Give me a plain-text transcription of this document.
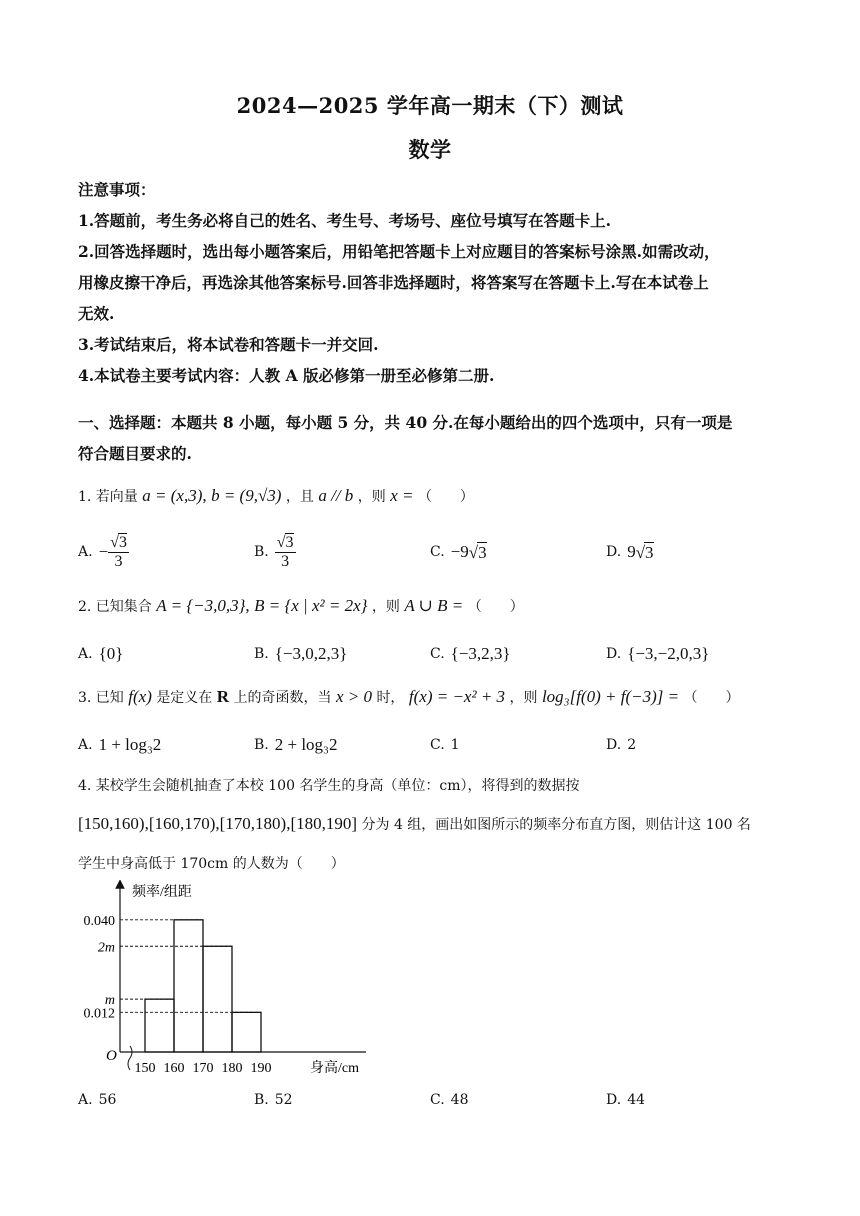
2024—2025 学年高一期末（下）测试
数学
注意事项：
1.答题前，考生务必将自己的姓名、考生号、考场号、座位号填写在答题卡上.
2.回答选择题时，选出每小题答案后，用铅笔把答题卡上对应题目的答案标号涂黑.如需改动，
用橡皮擦干净后，再选涂其他答案标号.回答非选择题时，将答案写在答题卡上.写在本试卷上
无效.
3.考试结束后，将本试卷和答题卡一并交回.
4.本试卷主要考试内容：人教 A 版必修第一册至必修第二册.
一、选择题：本题共 8 小题，每小题 5 分，共 40 分.在每小题给出的四个选项中，只有一项是
符合题目要求的.
1. 若向量 a = (x,3), b = (9,√3) ，且 a // b ，则 x = （　　）
A. − $\frac{√3}{3}$	B. $\frac{√3}{3}$	C. −9 √3	D. 9 √3
2. 已知集合 A = {−3,0,3}, B = {x | x² = 2x} ，则 A ∪ B = （　　）
A. {0}	B. {−3,0,2,3}	C. {−3,2,3}	D. {−3,−2,0,3}
3. 已知 f(x) 是定义在 R 上的奇函数，当 x > 0 时， f(x) = −x² + 3 ，则 log₃[f(0) + f(−3)] = （　　）
A. 1 + log₃2	B. 2 + log₃2	C. 1	D. 2
4. 某校学生会随机抽查了本校 100 名学生的身高（单位：cm），将得到的数据按
[150,160),[160,170),[170,180),[180,190] 分为 4 组，画出如图所示的频率分布直方图，则估计这 100 名
学生中身高低于 170cm 的人数为（　　）
频率/组距
身高/cm
O
0.040
2m
m
0.012
150 160 170 180 190
A. 56	B. 52	C. 48	D. 44
